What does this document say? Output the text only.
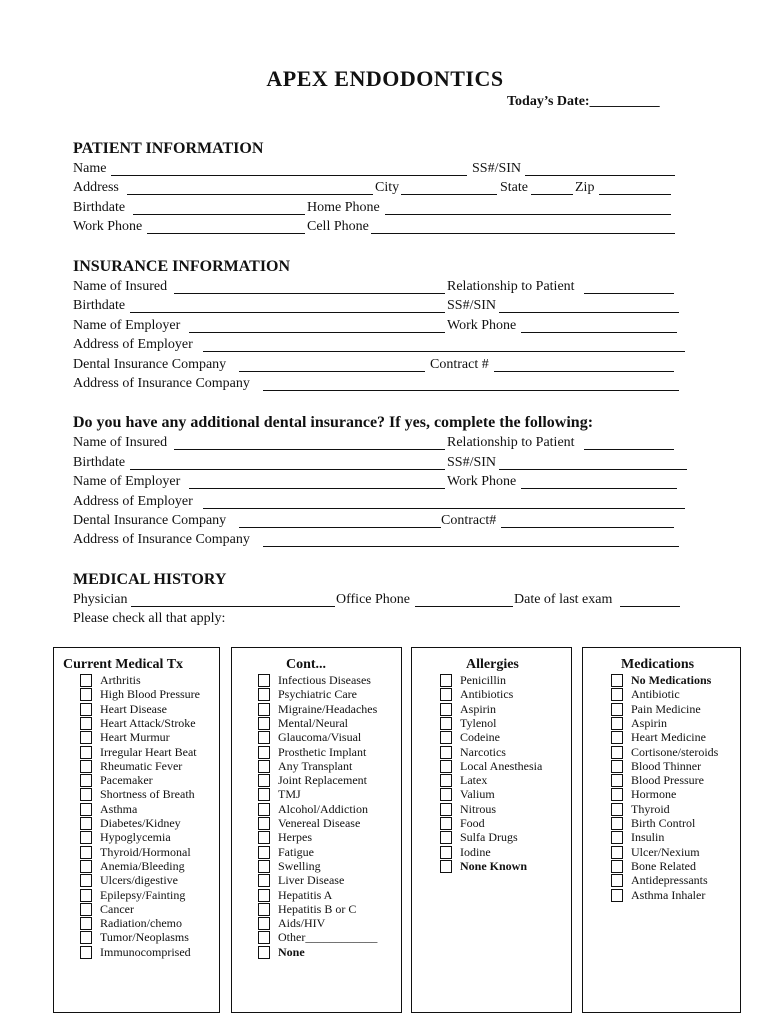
APEX ENDODONTICS
Today’s Date:__________
PATIENT INFORMATION
Name	SS#/SIN
Address	City	State	Zip
Birthdate	Home Phone
Work Phone	Cell Phone
INSURANCE INFORMATION
Name of Insured	Relationship to Patient
Birthdate	SS#/SIN
Name of Employer	Work Phone
Address of Employer
Dental Insurance Company	Contract #
Address of Insurance Company
Do you have any additional dental insurance? If yes, complete the following:
Name of Insured	Relationship to Patient
Birthdate	SS#/SIN
Name of Employer	Work Phone
Address of Employer
Dental Insurance Company	Contract#
Address of Insurance Company
MEDICAL HISTORY
Physician	Office Phone	Date of last exam
Please check all that apply:
Current Medical Tx
Arthritis
High Blood Pressure
Heart Disease
Heart Attack/Stroke
Heart Murmur
Irregular Heart Beat
Rheumatic Fever
Pacemaker
Shortness of Breath
Asthma
Diabetes/Kidney
Hypoglycemia
Thyroid/Hormonal
Anemia/Bleeding
Ulcers/digestive
Epilepsy/Fainting
Cancer
Radiation/chemo
Tumor/Neoplasms
Immunocomprised
Cont...
Infectious Diseases
Psychiatric Care
Migraine/Headaches
Mental/Neural
Glaucoma/Visual
Prosthetic Implant
Any Transplant
Joint Replacement
TMJ
Alcohol/Addiction
Venereal Disease
Herpes
Fatigue
Swelling
Liver Disease
Hepatitis A
Hepatitis B or C
Aids/HIV
Other____________
None
Allergies
Penicillin
Antibiotics
Aspirin
Tylenol
Codeine
Narcotics
Local Anesthesia
Latex
Valium
Nitrous
Food
Sulfa Drugs
Iodine
None Known
Medications
No Medications
Antibiotic
Pain Medicine
Aspirin
Heart Medicine
Cortisone/steroids
Blood Thinner
Blood Pressure
Hormone
Thyroid
Birth Control
Insulin
Ulcer/Nexium
Bone Related
Antidepressants
Asthma Inhaler
